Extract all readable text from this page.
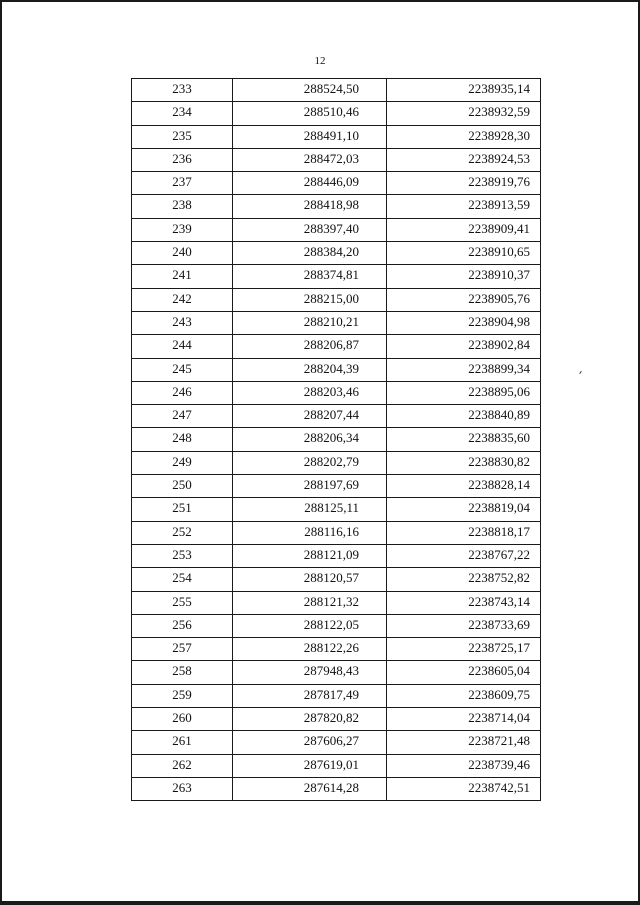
12
233	288524,50	2238935,14
234	288510,46	2238932,59
235	288491,10	2238928,30
236	288472,03	2238924,53
237	288446,09	2238919,76
238	288418,98	2238913,59
239	288397,40	2238909,41
240	288384,20	2238910,65
241	288374,81	2238910,37
242	288215,00	2238905,76
243	288210,21	2238904,98
244	288206,87	2238902,84
245	288204,39	2238899,34
246	288203,46	2238895,06
247	288207,44	2238840,89
248	288206,34	2238835,60
249	288202,79	2238830,82
250	288197,69	2238828,14
251	288125,11	2238819,04
252	288116,16	2238818,17
253	288121,09	2238767,22
254	288120,57	2238752,82
255	288121,32	2238743,14
256	288122,05	2238733,69
257	288122,26	2238725,17
258	287948,43	2238605,04
259	287817,49	2238609,75
260	287820,82	2238714,04
261	287606,27	2238721,48
262	287619,01	2238739,46
263	287614,28	2238742,51
